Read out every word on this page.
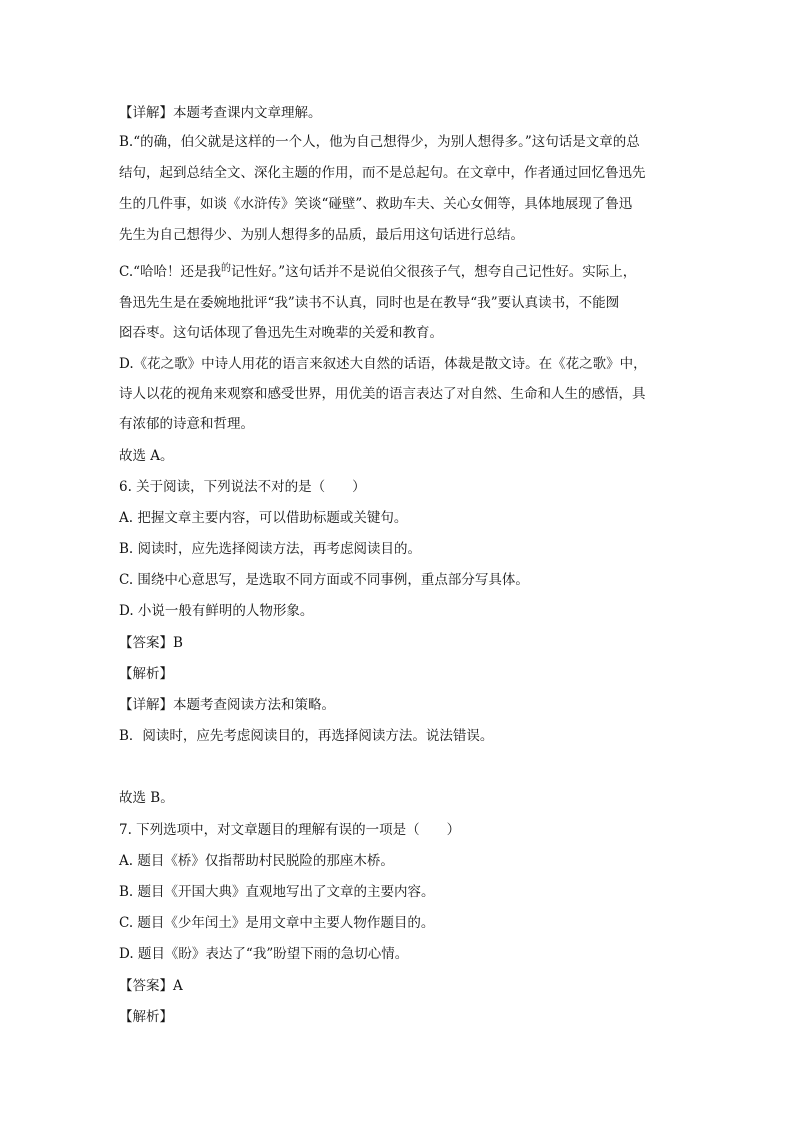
【详解】本题考查课内文章理解。
B.“的确，伯父就是这样的一个人，他为自己想得少，为别人想得多。”这句话是文章的总
结句，起到总结全文、深化主题的作用，而不是总起句。在文章中，作者通过回忆鲁迅先
生的几件事，如谈《水浒传》笑谈“碰壁”、救助车夫、关心女佣等，具体地展现了鲁迅
先生为自己想得少、为别人想得多的品质，最后用这句话进行总结。
C.“哈哈！还是我$^的$记性好。”这句话并不是说伯父很孩子气，想夸自己记性好。实际上，
鲁迅先生是在委婉地批评“我”读书不认真，同时也是在教导“我”要认真读书，不能囫
囵吞枣。这句话体现了鲁迅先生对晚辈的关爱和教育。
D.《花之歌》中诗人用花的语言来叙述大自然的话语，体裁是散文诗。在《花之歌》中，
诗人以花的视角来观察和感受世界，用优美的语言表达了对自然、生命和人生的感悟，具
有浓郁的诗意和哲理。
故选 A。
6. 关于阅读，下列说法不对的是（　　）
A. 把握文章主要内容，可以借助标题或关键句。
B. 阅读时，应先选择阅读方法，再考虑阅读目的。
C. 围绕中心意思写，是选取不同方面或不同事例，重点部分写具体。
D. 小说一般有鲜明的人物形象。
【答案】B
【解析】
【详解】本题考查阅读方法和策略。
B．阅读时，应先考虑阅读目的，再选择阅读方法。说法错误。
故选 B。
7. 下列选项中，对文章题目的理解有误的一项是（　　）
A. 题目《桥》仅指帮助村民脱险的那座木桥。
B. 题目《开国大典》直观地写出了文章的主要内容。
C. 题目《少年闰土》是用文章中主要人物作题目的。
D. 题目《盼》表达了“我”盼望下雨的急切心情。
【答案】A
【解析】
